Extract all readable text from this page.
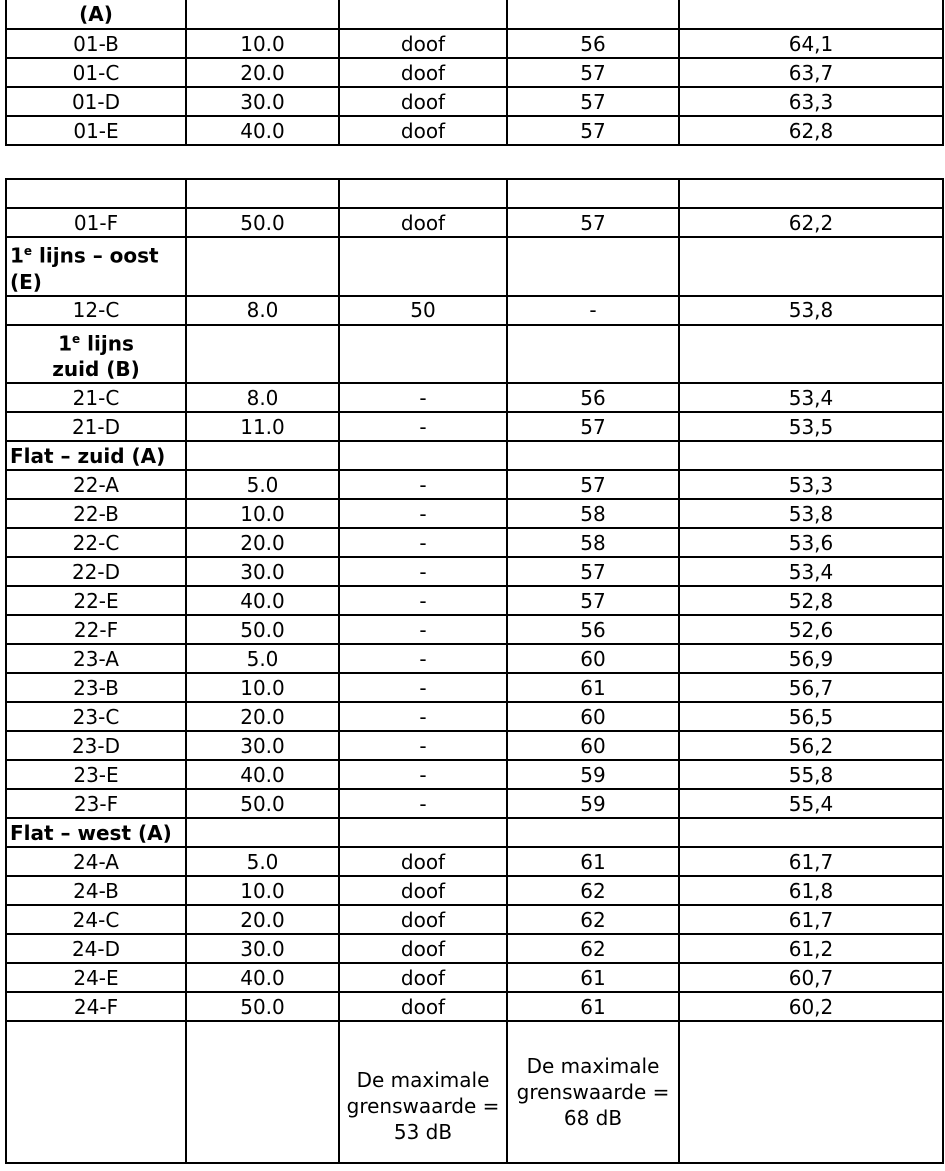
(A)				
01-B	10.0	doof	56	64,1
01-C	20.0	doof	57	63,7
01-D	30.0	doof	57	63,3
01-E	40.0	doof	57	62,8

01-F	50.0	doof	57	62,2
1e lijns – oost
(E)				
12-C	8.0	50	-	53,8
1e lijns
zuid (B)				
21-C	8.0	-	56	53,4
21-D	11.0	-	57	53,5
Flat – zuid (A)				
22-A	5.0	-	57	53,3
22-B	10.0	-	58	53,8
22-C	20.0	-	58	53,6
22-D	30.0	-	57	53,4
22-E	40.0	-	57	52,8
22-F	50.0	-	56	52,6
23-A	5.0	-	60	56,9
23-B	10.0	-	61	56,7
23-C	20.0	-	60	56,5
23-D	30.0	-	60	56,2
23-E	40.0	-	59	55,8
23-F	50.0	-	59	55,4
Flat – west (A)				
24-A	5.0	doof	61	61,7
24-B	10.0	doof	62	61,8
24-C	20.0	doof	62	61,7
24-D	30.0	doof	62	61,2
24-E	40.0	doof	61	60,7
24-F	50.0	doof	61	60,2
		De maximale grenswaarde = 53 dB	De maximale grenswaarde = 68 dB	
